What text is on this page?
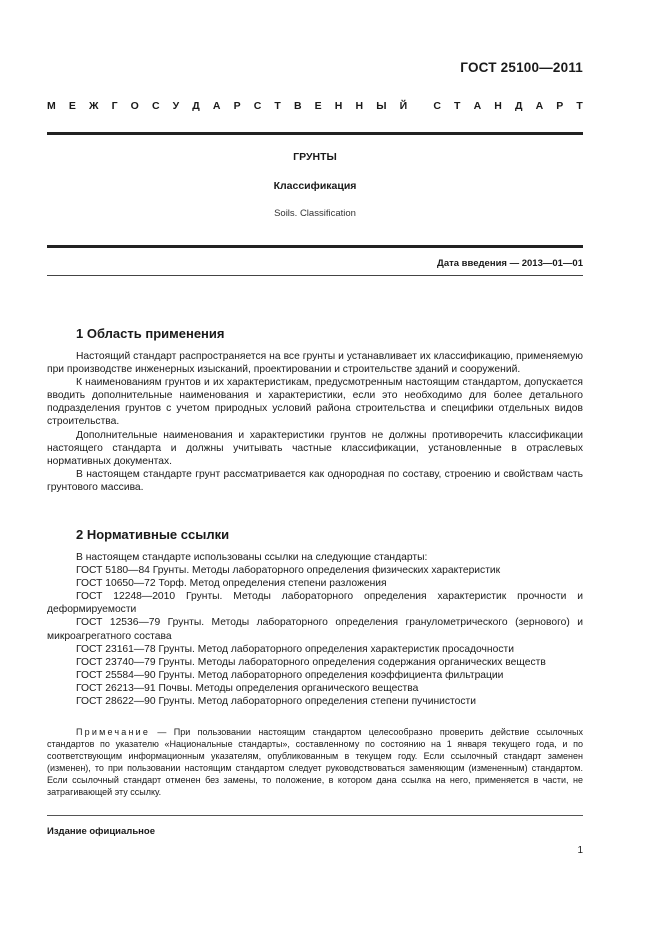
ГОСТ 25100—2011
М Е Ж Г О С У Д А Р С Т В Е Н Н Ы Й С Т А Н Д А Р Т
ГРУНТЫ
Классификация
Soils. Classification
Дата введения — 2013—01—01
1 Область применения

Настоящий стандарт распространяется на все грунты и устанавливает их классификацию, применяемую при производстве инженерных изысканий, проектировании и строительстве зданий и сооружений.

К наименованиям грунтов и их характеристикам, предусмотренным настоящим стандартом, допускается вводить дополнительные наименования и характеристики, если это необходимо для более детального подразделения грунтов с учетом природных условий района строительства и специфики отдельных видов строительства.

Дополнительные наименования и характеристики грунтов не должны противоречить классификации настоящего стандарта и должны учитывать частные классификации, установленные в отраслевых нормативных документах.

В настоящем стандарте грунт рассматривается как однородная по составу, строению и свойствам часть грунтового массива.

2 Нормативные ссылки

В настоящем стандарте использованы ссылки на следующие стандарты:

ГОСТ 5180—84 Грунты. Методы лабораторного определения физических характеристик

ГОСТ 10650—72 Торф. Метод определения степени разложения

ГОСТ 12248—2010 Грунты. Методы лабораторного определения характеристик прочности и деформируемости

ГОСТ 12536—79 Грунты. Методы лабораторного определения гранулометрического (зернового) и микроагрегатного состава

ГОСТ 23161—78 Грунты. Метод лабораторного определения характеристик просадочности

ГОСТ 23740—79 Грунты. Методы лабораторного определения содержания органических веществ

ГОСТ 25584—90 Грунты. Метод лабораторного определения коэффициента фильтрации

ГОСТ 26213—91 Почвы. Методы определения органического вещества

ГОСТ 28622—90 Грунты. Метод лабораторного определения степени пучинистости

Примечание — При пользовании настоящим стандартом целесообразно проверить действие ссылочных стандартов по указателю «Национальные стандарты», составленному по состоянию на 1 января текущего года, и по соответствующим информационным указателям, опубликованным в текущем году. Если ссылочный стандарт заменен (изменен), то при пользовании настоящим стандартом следует руководствоваться заменяющим (измененным) стандартом. Если ссылочный стандарт отменен без замены, то положение, в котором дана ссылка на него, применяется в части, не затрагивающей эту ссылку.

Издание официальное
1
